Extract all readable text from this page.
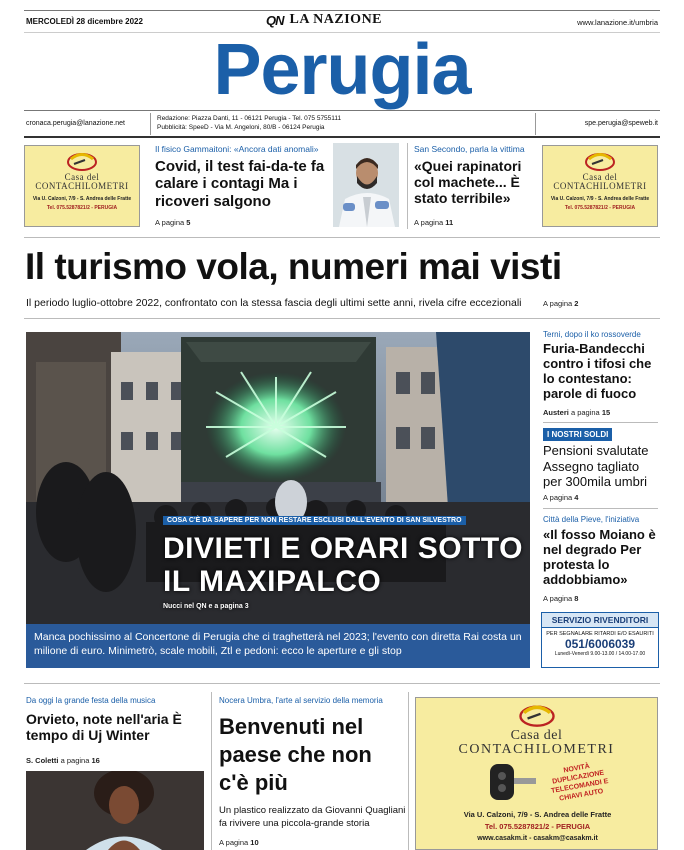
MERCOLEDÌ 28 dicembre 2022	QN LA NAZIONE	www.lanazione.it/umbria
Perugia
cronaca.perugia@lanazione.net
Redazione: Piazza Danti, 11 - 06121 Perugia - Tel. 075 5755111
Pubblicità: SpeeD - Via M. Angeloni, 80/B - 06124 Perugia
spe.perugia@speweb.it
Casa del
CONTACHILOMETRI
Via U. Calzoni, 7/9 - S. Andrea delle Fratte
Tel. 075.5287821/2 - PERUGIA
Il fisico Gammaitoni: «Ancora dati anomali»
Covid, il test fai-da-te fa calare i contagi Ma i ricoveri salgono
A pagina 5
San Secondo, parla la vittima
«Quei rapinatori col machete... È stato terribile»
A pagina 11
Casa del
CONTACHILOMETRI
Via U. Calzoni, 7/9 - S. Andrea delle Fratte
Tel. 075.5287821/2 - PERUGIA
Il turismo vola, numeri mai visti
Il periodo luglio-ottobre 2022, confrontato con la stessa fascia degli ultimi sette anni, rivela cifre eccezionali	A pagina 2
COSA C'È DA SAPERE PER NON RESTARE ESCLUSI DALL'EVENTO DI SAN SILVESTRO
DIVIETI E ORARI SOTTO IL MAXIPALCO
Nucci nel QN e a pagina 3
Manca pochissimo al Concertone di Perugia che ci traghetterà nel 2023; l'evento con diretta Rai costa un milione di euro. Minimetrò, scale mobili, Ztl e pedoni: ecco le aperture e gli stop
Terni, dopo il ko rossoverde
Furia-Bandecchi contro i tifosi che lo contestano: parole di fuoco
Austeri a pagina 15
I NOSTRI SOLDI
Pensioni svalutate Assegno tagliato per 300mila umbri
A pagina 4
Città della Pieve, l'iniziativa
«Il fosso Moiano è nel degrado Per protesta lo addobbiamo»
A pagina 8
SERVIZIO RIVENDITORI
PER SEGNALARE RITARDI E/O ESAURITI
051/6006039
Lunedì-Venerdì 9.00-13.00 / 14.00-17.00
Da oggi la grande festa della musica
Orvieto, note nell'aria È tempo di Uj Winter
S. Coletti a pagina 16
Nocera Umbra, l'arte al servizio della memoria
Benvenuti nel paese che non c'è più
Un plastico realizzato da Giovanni Quagliani fa rivivere una piccola-grande storia
A pagina 10
Casa del
CONTACHILOMETRI
NOVITÀ DUPLICAZIONE TELECOMANDI E CHIAVI AUTO
Via U. Calzoni, 7/9 - S. Andrea delle Fratte
Tel. 075.5287821/2 - PERUGIA
www.casakm.it - casakm@casakm.it
